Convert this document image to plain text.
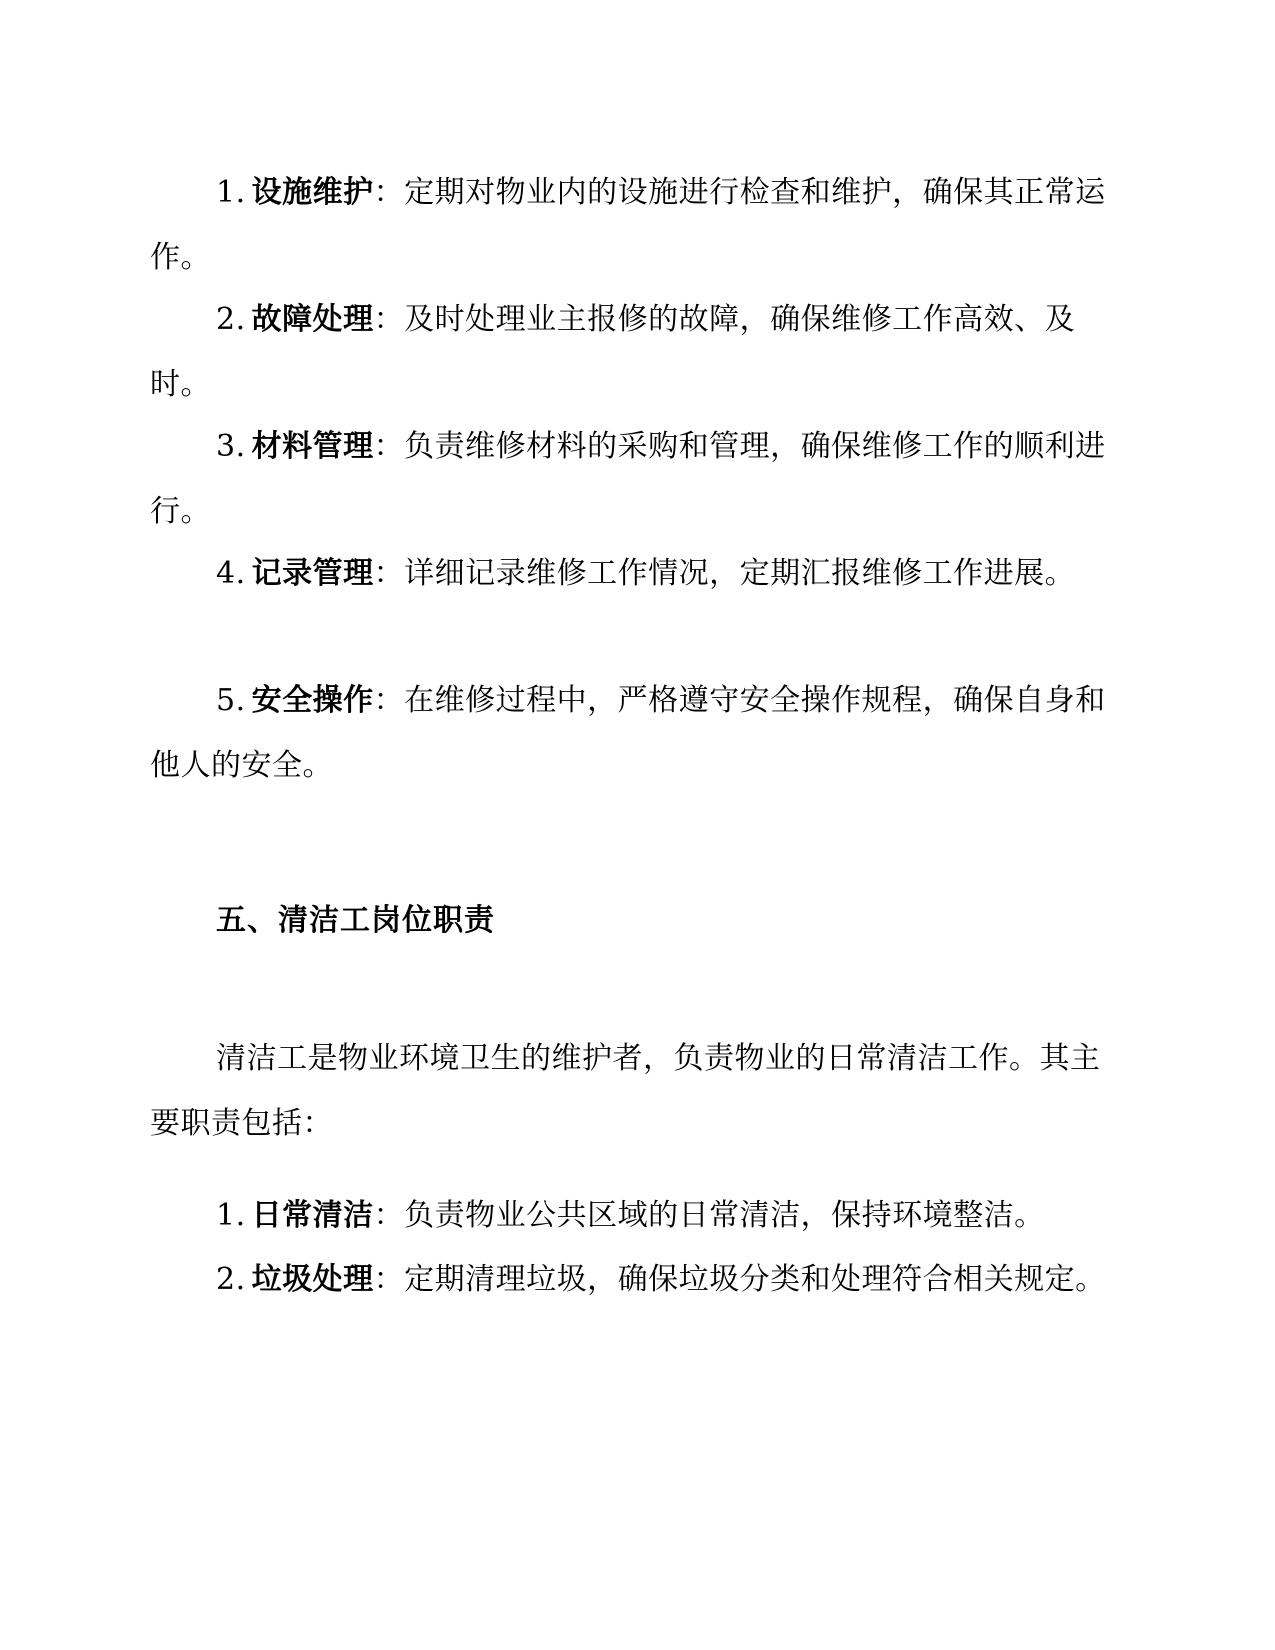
1. 设施维护：定期对物业内的设施进行检查和维护，确保其正常运作。

2. 故障处理：及时处理业主报修的故障，确保维修工作高效、及时。

3. 材料管理：负责维修材料的采购和管理，确保维修工作的顺利进行。

4. 记录管理：详细记录维修工作情况，定期汇报维修工作进展。

5. 安全操作：在维修过程中，严格遵守安全操作规程，确保自身和他人的安全。

五、清洁工岗位职责

清洁工是物业环境卫生的维护者，负责物业的日常清洁工作。其主要职责包括：

1. 日常清洁：负责物业公共区域的日常清洁，保持环境整洁。

2. 垃圾处理：定期清理垃圾，确保垃圾分类和处理符合相关规定。
